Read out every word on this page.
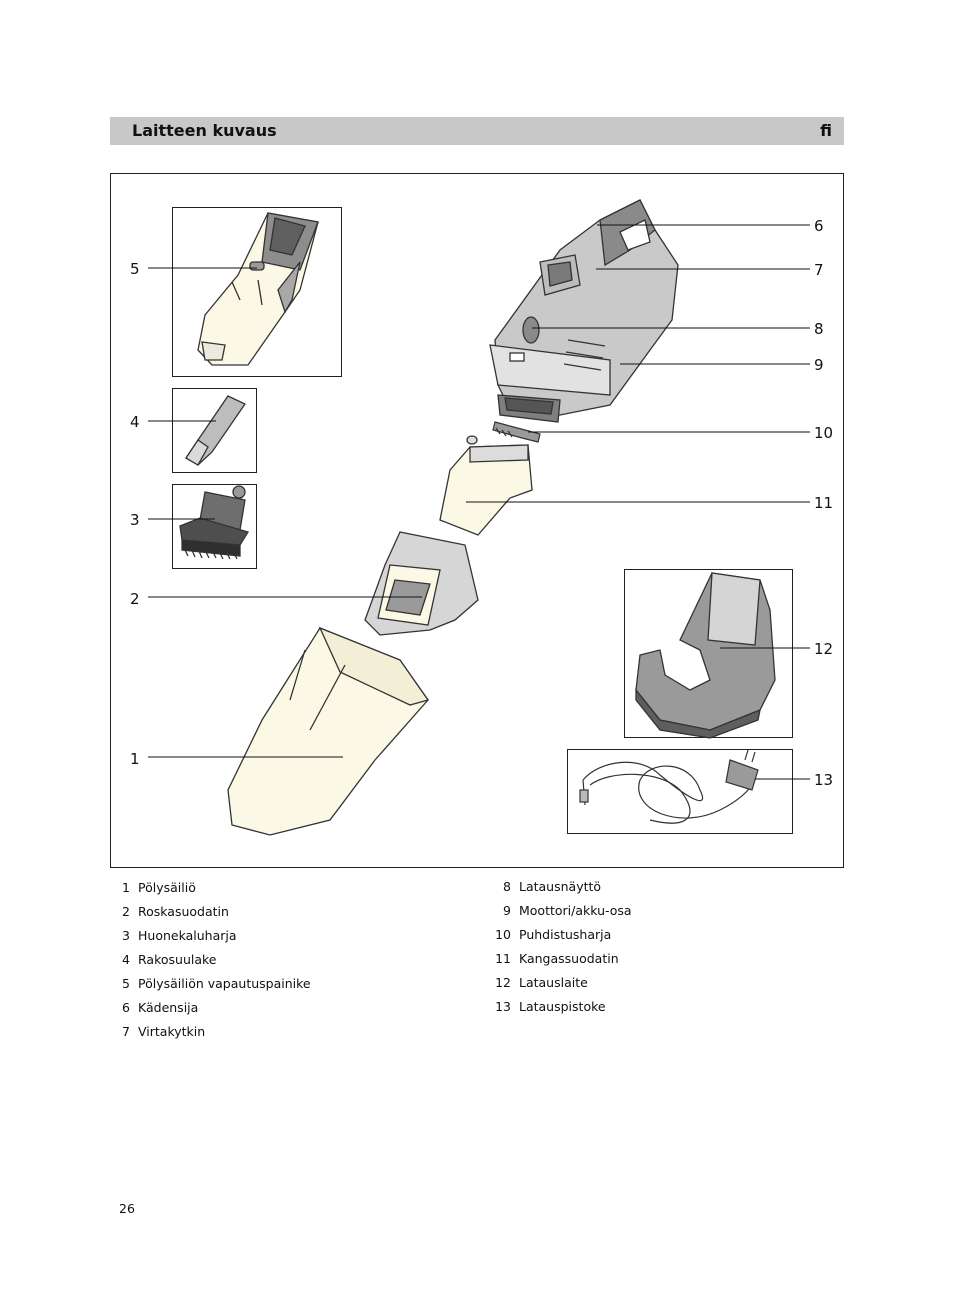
Laitteen kuvaus	fi
1
2
3
4
5
6
7
8
9
10
11
12
13
1 Pölysäiliö
2 Roskasuodatin
3 Huonekaluharja
4 Rakosuulake
5 Pölysäiliön vapautuspainike
6 Kädensija
7 Virtakytkin
8 Latausnäyttö
9 Moottori/akku-osa
10 Puhdistusharja
11 Kangassuodatin
12 Latauslaite
13 Latauspistoke
26
